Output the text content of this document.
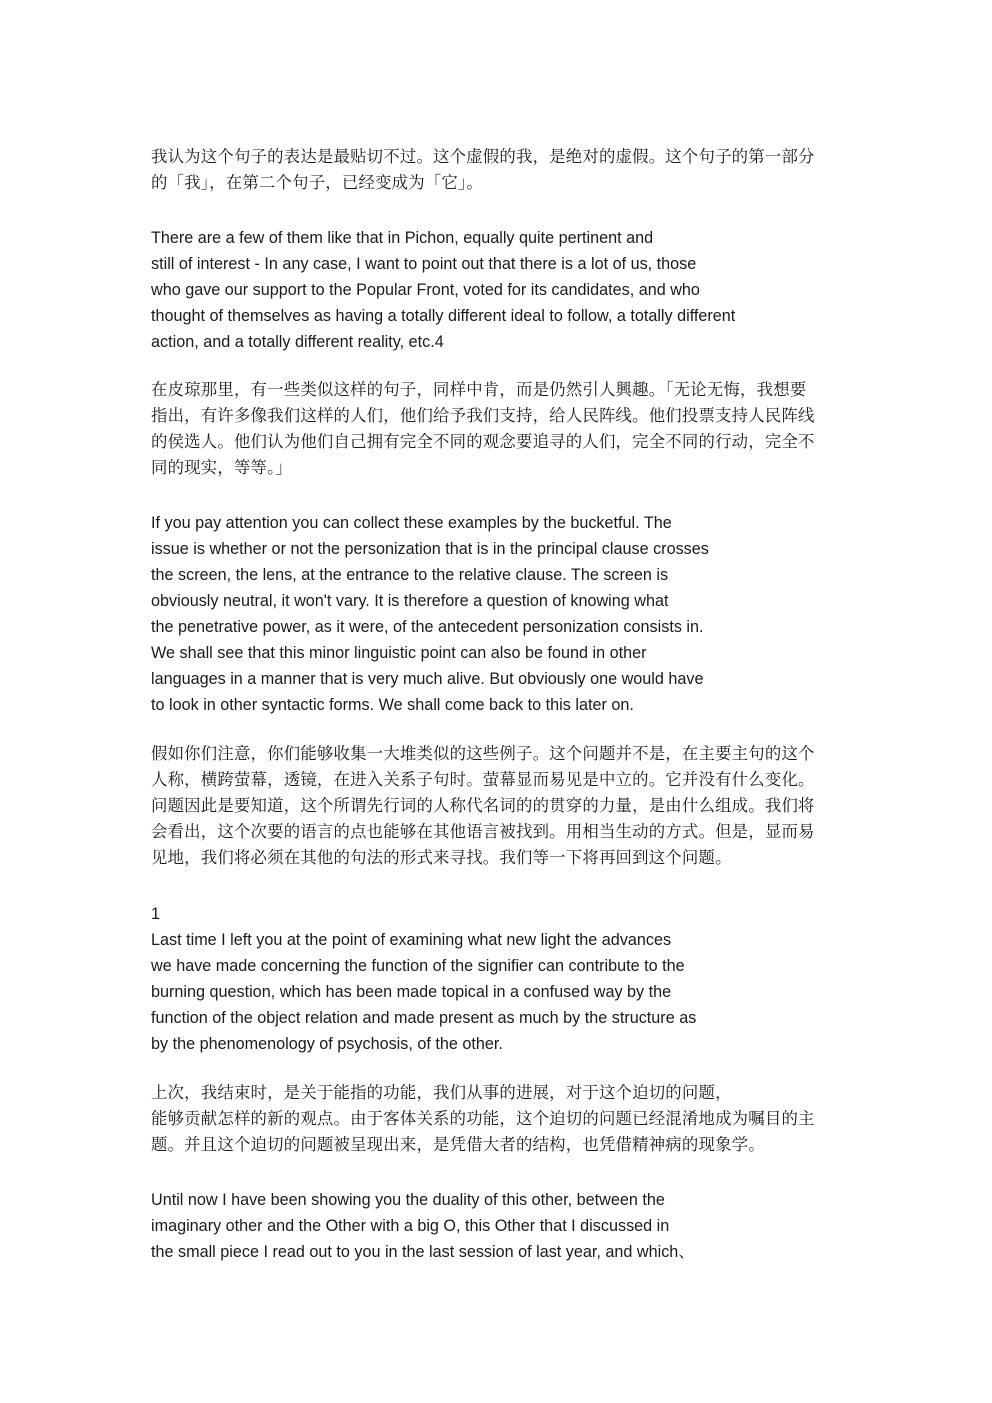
我认为这个句子的表达是最贴切不过。这个虚假的我，是绝对的虚假。这个句子的第一部分
的「我」，在第二个句子，已经变成为「它」。
There are a few of them like that in Pichon, equally quite pertinent and
still of interest - In any case, I want to point out that there is a lot of us, those
who gave our support to the Popular Front, voted for its candidates, and who
thought of themselves as having a totally different ideal to follow, a totally different
action, and a totally different reality, etc.4
在皮琼那里，有一些类似这样的句子，同样中肯，而是仍然引人興趣。「无论无悔，我想要
指出，有许多像我们这样的人们，他们给予我们支持，给人民阵线。他们投票支持人民阵线
的侯选人。他们认为他们自己拥有完全不同的观念要追寻的人们，完全不同的行动，完全不
同的现实，等等。」
If you pay attention you can collect these examples by the bucketful. The
issue is whether or not the personization that is in the principal clause crosses
the screen, the lens, at the entrance to the relative clause. The screen is
obviously neutral, it won't vary. It is therefore a question of knowing what
the penetrative power, as it were, of the antecedent personization consists in.
We shall see that this minor linguistic point can also be found in other
languages in a manner that is very much alive. But obviously one would have
to look in other syntactic forms. We shall come back to this later on.
假如你们注意，你们能够收集一大堆类似的这些例子。这个问题并不是，在主要主句的这个
人称，横跨萤幕，透镜，在进入关系子句时。萤幕显而易见是中立的。它并没有什么变化。
问题因此是要知道，这个所谓先行词的人称代名词的的贯穿的力量，是由什么组成。我们将
会看出，这个次要的语言的点也能够在其他语言被找到。用相当生动的方式。但是，显而易
见地，我们将必须在其他的句法的形式来寻找。我们等一下将再回到这个问题。
1
Last time I left you at the point of examining what new light the advances
we have made concerning the function of the signifier can contribute to the
burning question, which has been made topical in a confused way by the
function of the object relation and made present as much by the structure as
by the phenomenology of psychosis, of the other.
上次，我结束时，是关于能指的功能，我们从事的进展，对于这个迫切的问题，
能够贡献怎样的新的观点。由于客体关系的功能，这个迫切的问题已经混淆地成为嘱目的主
题。并且这个迫切的问题被呈现出来，是凭借大者的结构，也凭借精神病的现象学。
Until now I have been showing you the duality of this other, between the
imaginary other and the Other with a big O, this Other that I discussed in
the small piece I read out to you in the last session of last year, and which、
